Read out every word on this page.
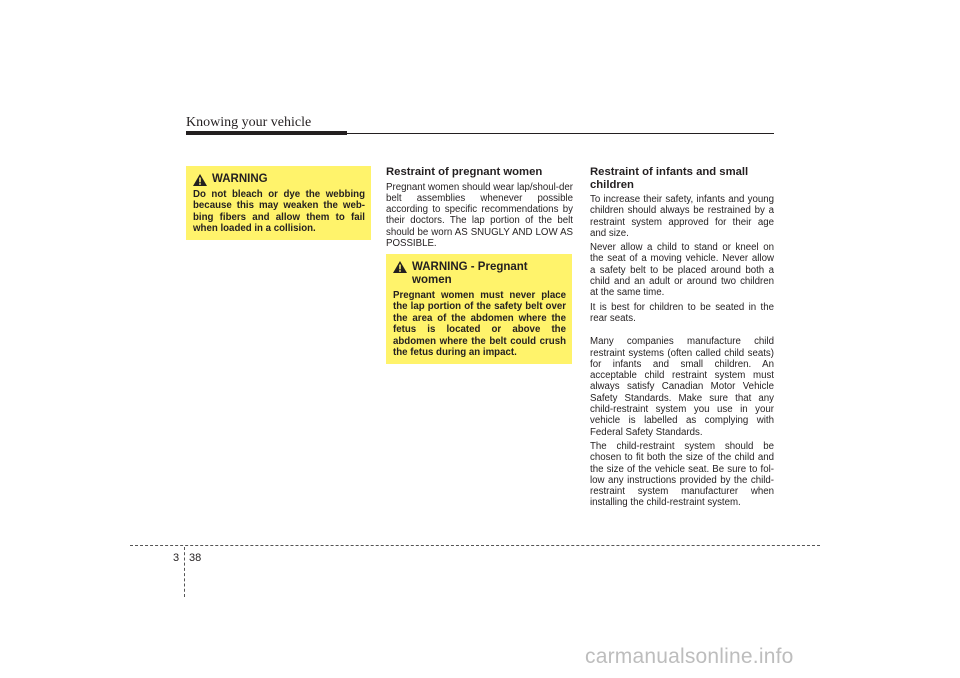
Knowing your vehicle
WARNING
Do not bleach or dye the webbing because this may weaken the web-bing fibers and allow them to fail when loaded in a collision.
Restraint of pregnant women

Pregnant women should wear lap/shoul-der belt assemblies whenever possible according to specific recommendations by their doctors. The lap portion of the belt should be worn AS SNUGLY AND LOW AS POSSIBLE.

WARNING - Pregnant
women
Pregnant women must never place the lap portion of the safety belt over the area of the abdomen where the fetus is located or above the abdomen where the belt could crush the fetus during an impact.
Restraint of infants and small children

To increase their safety, infants and young children should always be restrained by a restraint system approved for their age and size.

Never allow a child to stand or kneel on the seat of a moving vehicle. Never allow a safety belt to be placed around both a child and an adult or around two children at the same time.

It is best for children to be seated in the rear seats.

Many companies manufacture child restraint systems (often called child seats) for infants and small children. An acceptable child restraint system must always satisfy Canadian Motor Vehicle Safety Standards. Make sure that any child-restraint system you use in your vehicle is labelled as complying with Federal Safety Standards.

The child-restraint system should be chosen to fit both the size of the child and the size of the vehicle seat. Be sure to fol-low any instructions provided by the child-restraint system manufacturer when installing the child-restraint system.

3 38
carmanualsonline.info
